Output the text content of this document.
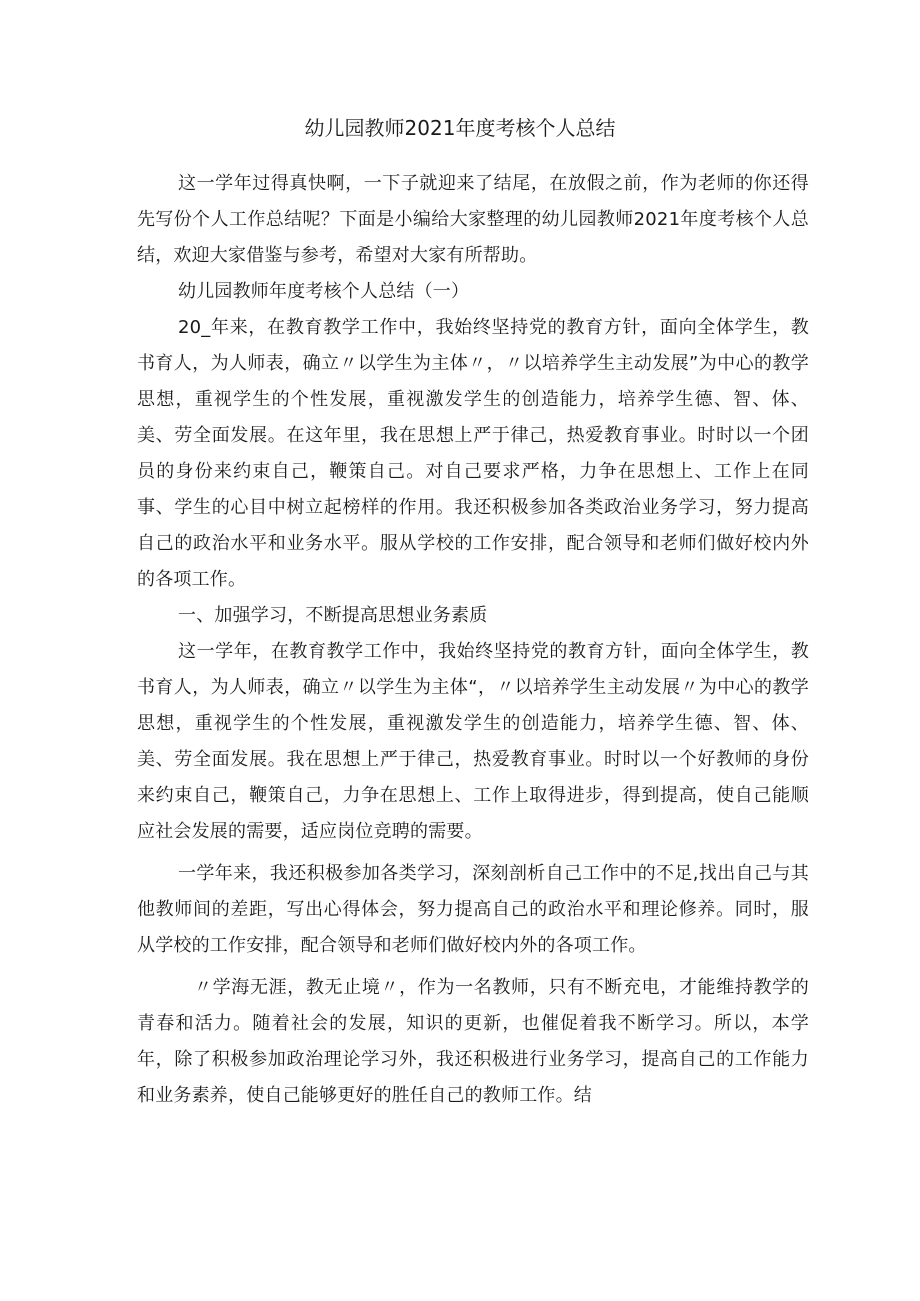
幼儿园教师2021年度考核个人总结

这一学年过得真快啊，一下子就迎来了结尾，在放假之前，作为老师的你还得先写份个人工作总结呢？下面是小编给大家整理的幼儿园教师2021年度考核个人总结，欢迎大家借鉴与参考，希望对大家有所帮助。

幼儿园教师年度考核个人总结（一）

20_年来，在教育教学工作中，我始终坚持党的教育方针，面向全体学生，教书育人，为人师表，确立〃以学生为主体〃，〃以培养学生主动发展”为中心的教学思想，重视学生的个性发展，重视激发学生的创造能力，培养学生德、智、体、美、劳全面发展。在这年里，我在思想上严于律己，热爱教育事业。时时以一个团员的身份来约束自己，鞭策自己。对自己要求严格，力争在思想上、工作上在同事、学生的心目中树立起榜样的作用。我还积极参加各类政治业务学习，努力提高自己的政治水平和业务水平。服从学校的工作安排，配合领导和老师们做好校内外的各项工作。

一、加强学习，不断提高思想业务素质

这一学年，在教育教学工作中，我始终坚持党的教育方针，面向全体学生，教书育人，为人师表，确立〃以学生为主体“，〃以培养学生主动发展〃为中心的教学思想，重视学生的个性发展，重视激发学生的创造能力，培养学生德、智、体、美、劳全面发展。我在思想上严于律己，热爱教育事业。时时以一个好教师的身份来约束自己，鞭策自己，力争在思想上、工作上取得进步，得到提高，使自己能顺应社会发展的需要，适应岗位竞聘的需要。

一学年来，我还积极参加各类学习，深刻剖析自己工作中的不足,找出自己与其他教师间的差距，写出心得体会，努力提高自己的政治水平和理论修养。同时，服从学校的工作安排，配合领导和老师们做好校内外的各项工作。

〃学海无涯，教无止境〃，作为一名教师，只有不断充电，才能维持教学的青春和活力。随着社会的发展，知识的更新，也催促着我不断学习。所以，本学年，除了积极参加政治理论学习外，我还积极进行业务学习，提高自己的工作能力和业务素养，使自己能够更好的胜任自己的教师工作。结
